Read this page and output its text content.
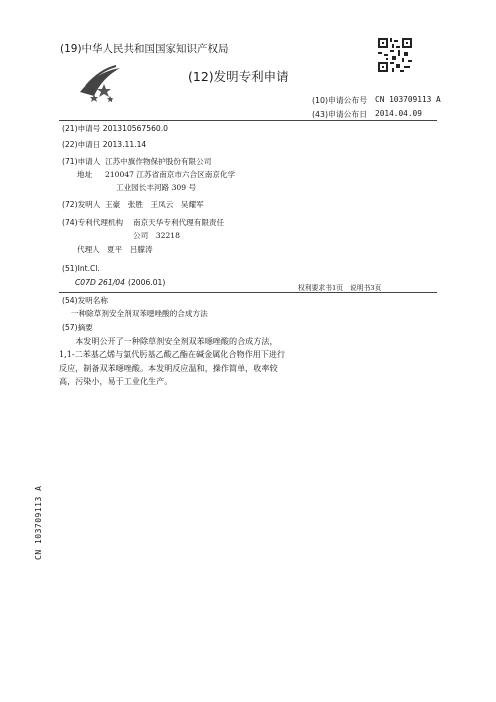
(19)中华人民共和国国家知识产权局
(12)发明专利申请
(10)申请公布号 CN 103709113 A
(43)申请公布日 2014.04.09
(21)申请号 201310567560.0
(22)申请日 2013.11.14
(71)申请人 江苏中旗作物保护股份有限公司
地址 210047 江苏省南京市六合区南京化学
工业园长丰河路 309 号
(72)发明人 王豪　张胜　王凤云　吴耀军
(74)专利代理机构 南京天华专利代理有限责任
公司　32218
代理人 夏平　吕朦涛
(51)Int.Cl.
C07D 261/04 (2006.01)
权利要求书1页　说明书3页
(54)发明名称
一种除草剂安全剂双苯噁唑酸的合成方法
(57)摘要
本发明公开了一种除草剂安全剂双苯噁唑酸的合成方法，1,1-二苯基乙烯与氯代肟基乙酸乙酯在碱金属化合物作用下进行反应，制备双苯噁唑酸。本发明反应温和，操作简单，收率较高，污染小，易于工业化生产。
CN 103709113 A
